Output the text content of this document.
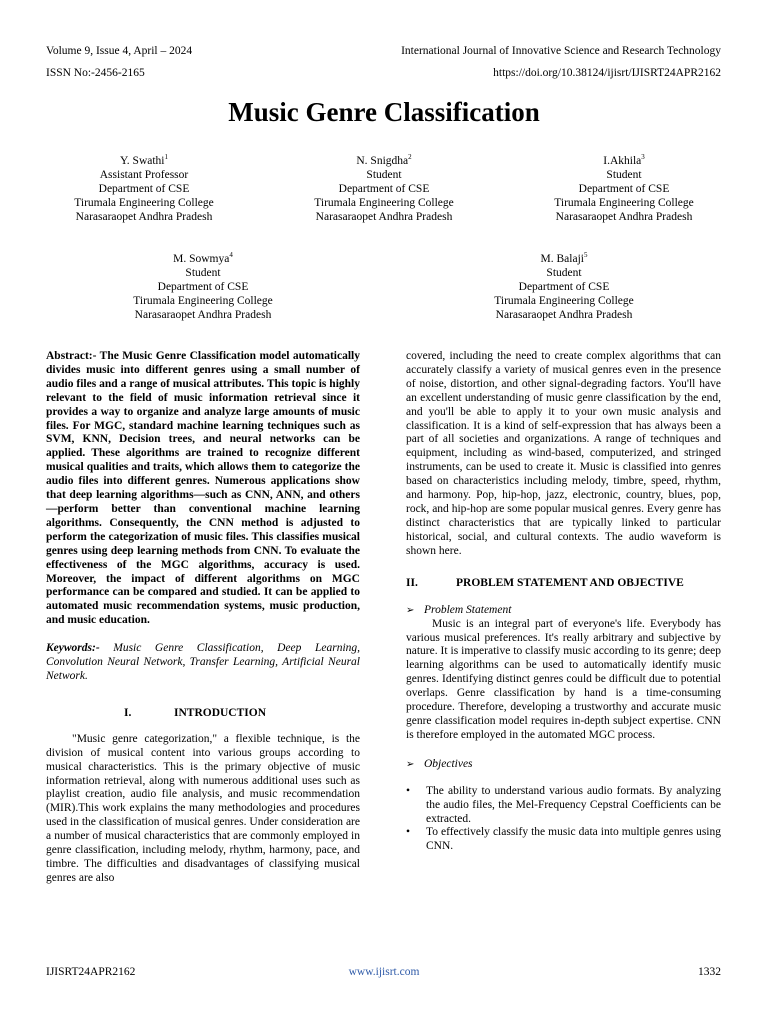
Volume 9, Issue 4, April – 2024	International Journal of Innovative Science and Research Technology
ISSN No:-2456-2165	https://doi.org/10.38124/ijisrt/IJISRT24APR2162
Music Genre Classification
Y. Swathi$^1$
Assistant Professor
Department of CSE
Tirumala Engineering College
Narasaraopet Andhra Pradesh
N. Snigdha$^2$
Student
Department of CSE
Tirumala Engineering College
Narasaraopet Andhra Pradesh
I.Akhila$^3$
Student
Department of CSE
Tirumala Engineering College
Narasaraopet Andhra Pradesh
M. Sowmya$^4$
Student
Department of CSE
Tirumala Engineering College
Narasaraopet Andhra Pradesh
M. Balaji$^5$
Student
Department of CSE
Tirumala Engineering College
Narasaraopet Andhra Pradesh

Abstract:- The Music Genre Classification model automatically divides music into different genres using a small number of audio files and a range of musical attributes. This topic is highly relevant to the field of music information retrieval since it provides a way to organize and analyze large amounts of music files. For MGC, standard machine learning techniques such as SVM, KNN, Decision trees, and neural networks can be applied. These algorithms are trained to recognize different musical qualities and traits, which allows them to categorize the audio files into different genres. Numerous applications show that deep learning algorithms—such as CNN, ANN, and others—perform better than conventional machine learning algorithms. Consequently, the CNN method is adjusted to perform the categorization of music files. This classifies musical genres using deep learning methods from CNN. To evaluate the effectiveness of the MGC algorithms, accuracy is used. Moreover, the impact of different algorithms on MGC performance can be compared and studied. It can be applied to automated music recommendation systems, music production, and music education.

Keywords:- Music Genre Classification, Deep Learning, Convolution Neural Network, Transfer Learning, Artificial Neural Network.

I.	INTRODUCTION

"Music genre categorization," a flexible technique, is the division of musical content into various groups according to musical characteristics. This is the primary objective of music information retrieval, along with numerous additional uses such as playlist creation, audio file analysis, and music recommendation (MIR).This work explains the many methodologies and procedures used in the classification of musical genres. Under consideration are a number of musical characteristics that are commonly employed in genre classification, including melody, rhythm, harmony, pace, and timbre. The difficulties and disadvantages of classifying musical genres are also

covered, including the need to create complex algorithms that can accurately classify a variety of musical genres even in the presence of noise, distortion, and other signal-degrading factors. You'll have an excellent understanding of music genre classification by the end, and you'll be able to apply it to your own music analysis and classification. It is a kind of self-expression that has always been a part of all societies and organizations. A range of techniques and equipment, including as wind-based, computerized, and stringed instruments, can be used to create it. Music is classified into genres based on characteristics including melody, timbre, speed, rhythm, and harmony. Pop, hip-hop, jazz, electronic, country, blues, pop, rock, and hip-hop are some popular musical genres. Every genre has distinct characteristics that are typically linked to particular historical, social, and cultural contexts. The audio waveform is shown here.

II.	PROBLEM STATEMENT AND OBJECTIVE
➢ Problem Statement

Music is an integral part of everyone's life. Everybody has various musical preferences. It's really arbitrary and subjective by nature. It is imperative to classify music according to its genre; deep learning algorithms can be used to automatically identify music genres. Identifying distinct genres could be difficult due to potential overlaps. Genre classification by hand is a time-consuming procedure. Therefore, developing a trustworthy and accurate music genre classification model requires in-depth subject expertise. CNN is therefore employed in the automated MGC process.

➢ Objectives
• The ability to understand various audio formats. By analyzing the audio files, the Mel-Frequency Cepstral Coefficients can be extracted.
• To effectively classify the music data into multiple genres using CNN.
IJISRT24APR2162	www.ijisrt.com	1332
